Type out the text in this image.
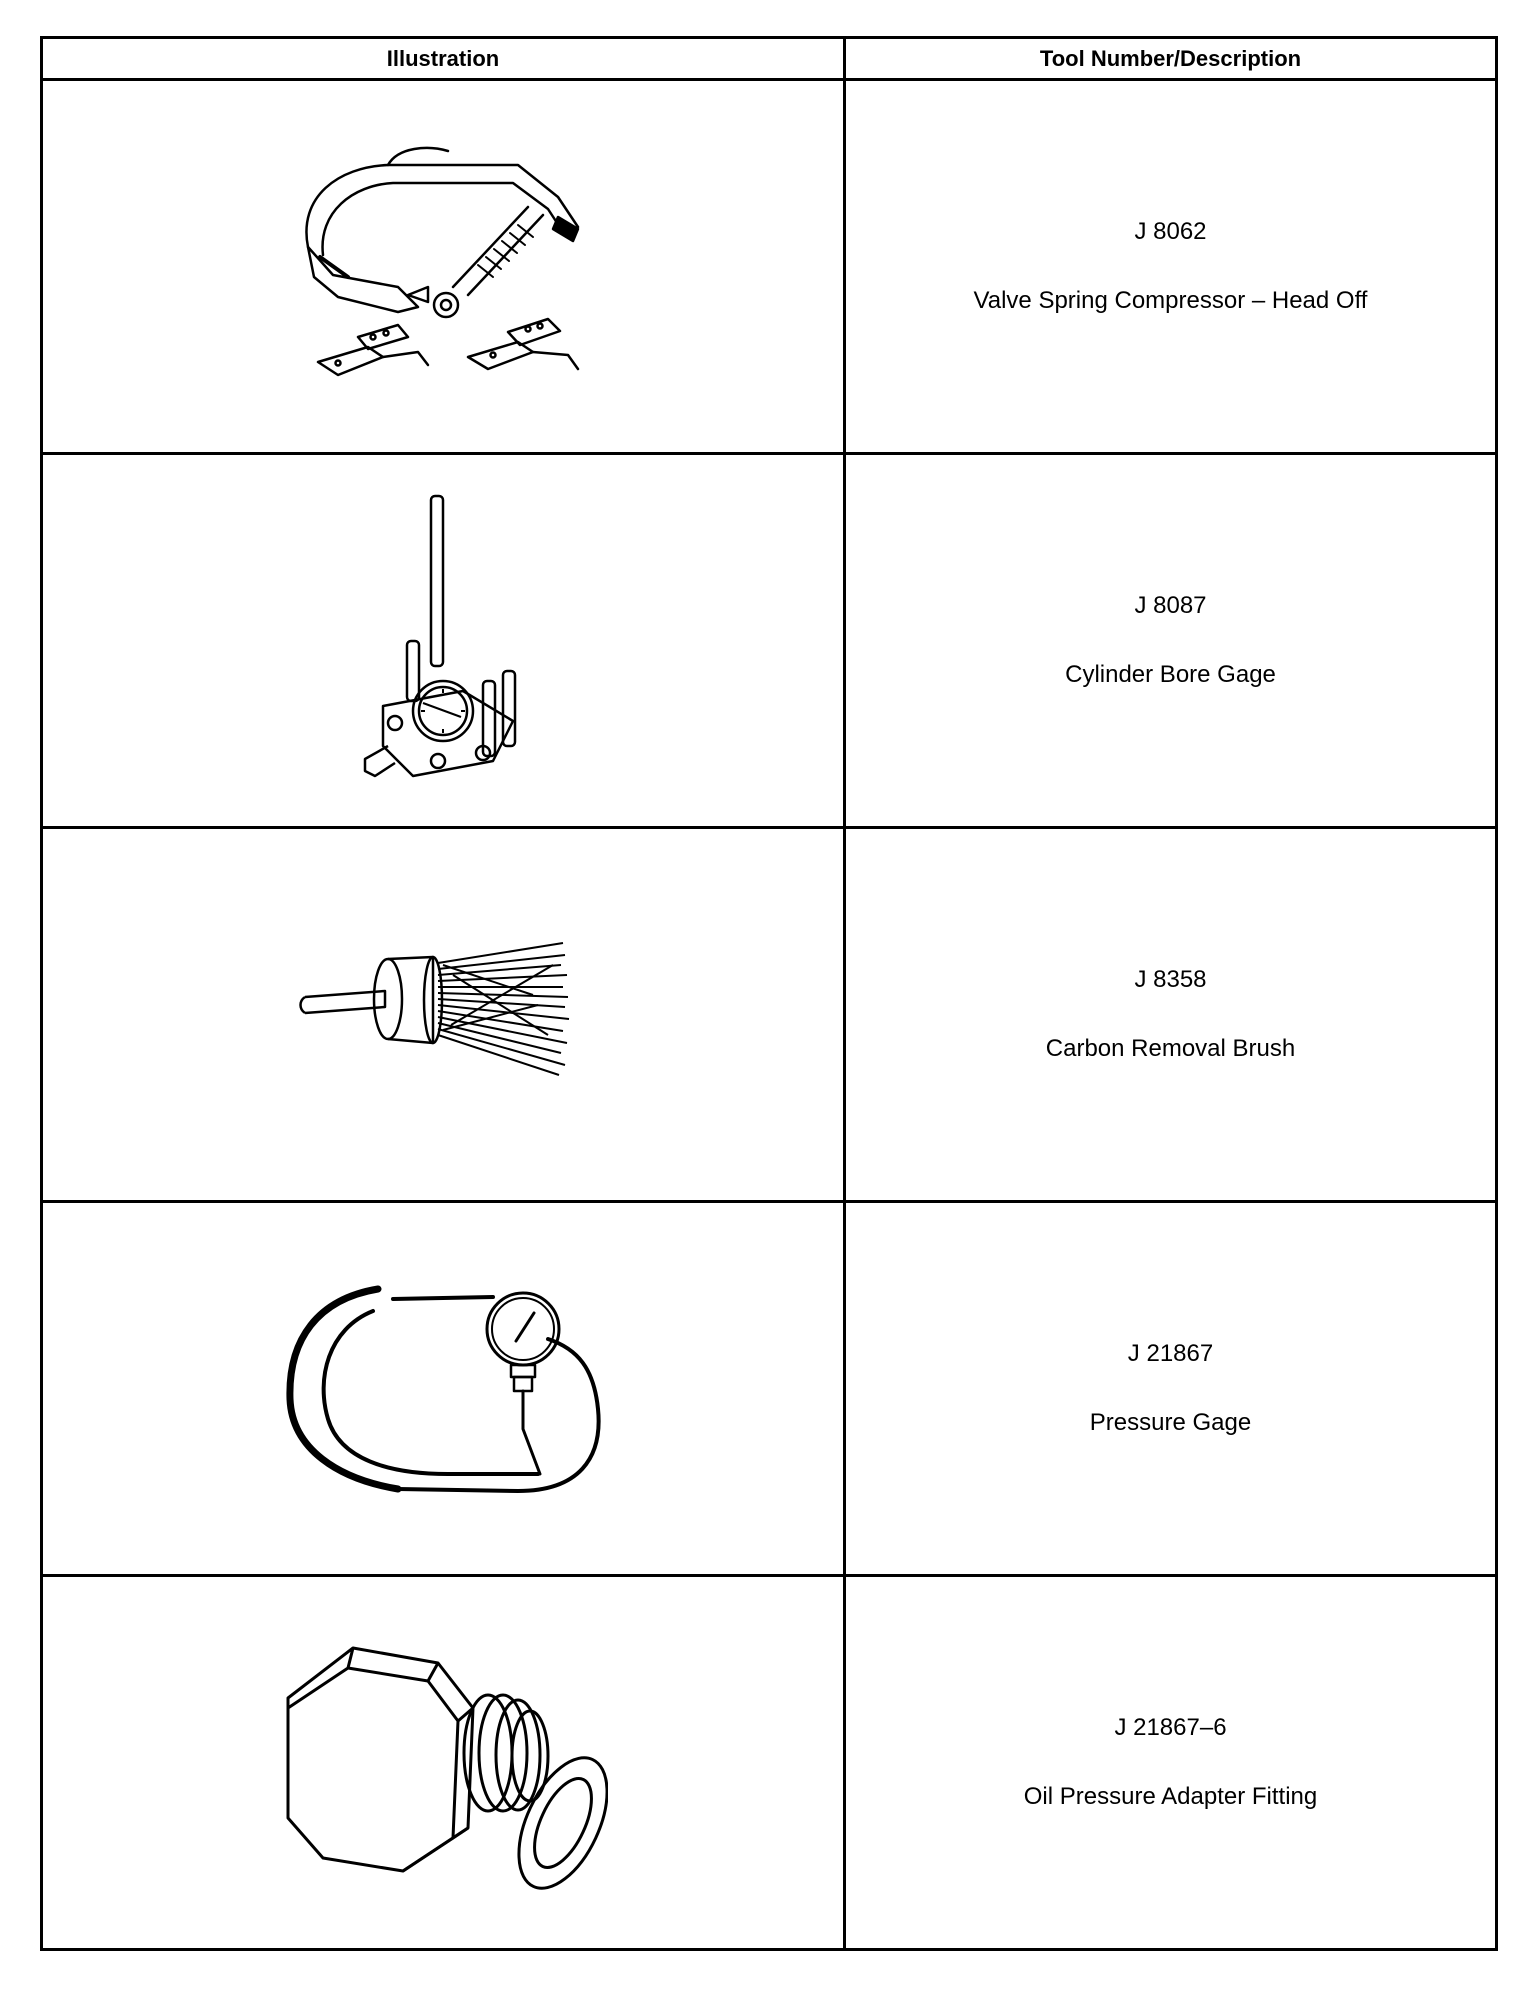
Illustration	Tool Number/Description

J 8062
Valve Spring Compressor – Head Off

J 8087
Cylinder Bore Gage

J 8358
Carbon Removal Brush

J 21867
Pressure Gage

J 21867–6
Oil Pressure Adapter Fitting
